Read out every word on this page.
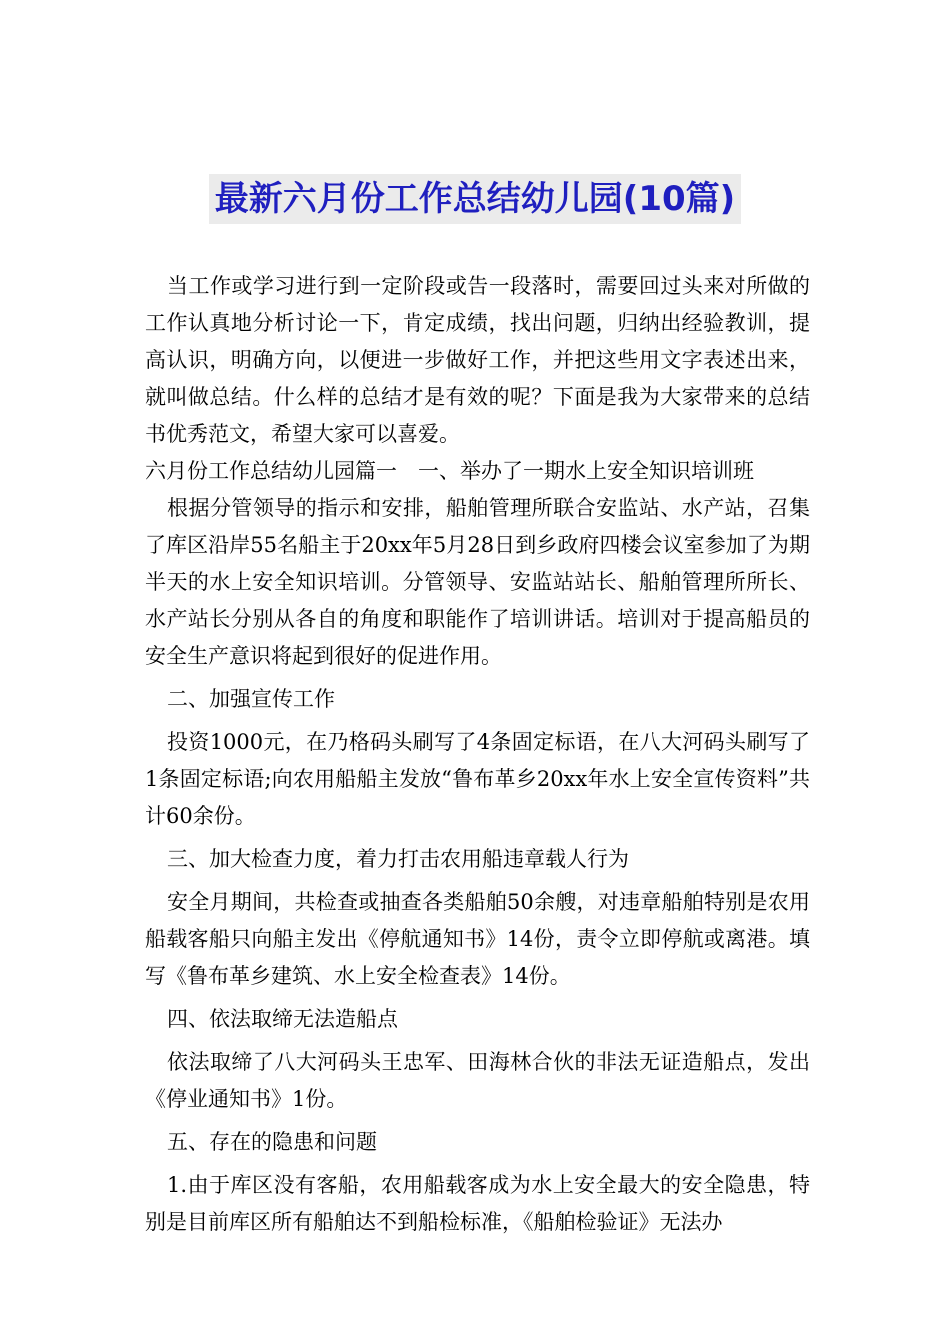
最新六月份工作总结幼儿园(10篇)

当工作或学习进行到一定阶段或告一段落时，需要回过头来对所做的工作认真地分析讨论一下，肯定成绩，找出问题，归纳出经验教训，提高认识，明确方向，以便进一步做好工作，并把这些用文字表述出来，就叫做总结。什么样的总结才是有效的呢？下面是我为大家带来的总结书优秀范文，希望大家可以喜爱。

六月份工作总结幼儿园篇一　一、举办了一期水上安全知识培训班

根据分管领导的指示和安排，船舶管理所联合安监站、水产站，召集了库区沿岸55名船主于20xx年5月28日到乡政府四楼会议室参加了为期半天的水上安全知识培训。分管领导、安监站站长、船舶管理所所长、水产站长分别从各自的角度和职能作了培训讲话。培训对于提高船员的安全生产意识将起到很好的促进作用。

二、加强宣传工作

投资1000元，在乃格码头刷写了4条固定标语，在八大河码头刷写了1条固定标语;向农用船船主发放“鲁布革乡20xx年水上安全宣传资料”共计60余份。

三、加大检查力度，着力打击农用船违章载人行为

安全月期间，共检查或抽查各类船舶50余艘，对违章船舶特别是农用船载客船只向船主发出《停航通知书》14份，责令立即停航或离港。填写《鲁布革乡建筑、水上安全检查表》14份。

四、依法取缔无法造船点

依法取缔了八大河码头王忠军、田海林合伙的非法无证造船点，发出《停业通知书》1份。

五、存在的隐患和问题

1.由于库区没有客船，农用船载客成为水上安全最大的安全隐患，特别是目前库区所有船舶达不到船检标准，《船舶检验证》无法办
